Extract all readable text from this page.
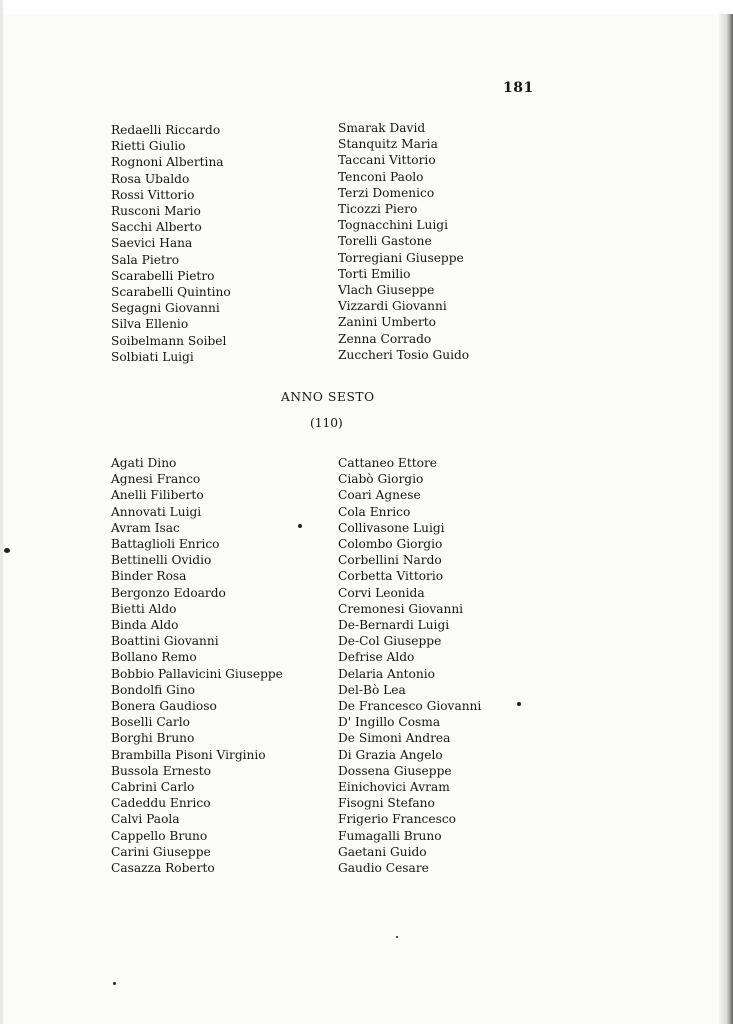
181
Redaelli Riccardo
Rietti Giulio
Rognoni Albertina
Rosa Ubaldo
Rossi Vittorio
Rusconi Mario
Sacchi Alberto
Saevici Hana
Sala Pietro
Scarabelli Pietro
Scarabelli Quintino
Segagni Giovanni
Silva Ellenio
Soibelmann Soibel
Solbiati Luigi
Smarak David
Stanquitz Maria
Taccani Vittorio
Tenconi Paolo
Terzi Domenico
Ticozzi Piero
Tognacchini Luigi
Torelli Gastone
Torregiani Giuseppe
Torti Emilio
Vlach Giuseppe
Vizzardi Giovanni
Zanini Umberto
Zenna Corrado
Zuccheri Tosio Guido
ANNO SESTO
(110)
Agati Dino
Agnesi Franco
Anelli Filiberto
Annovati Luigi
Avram Isac
Battaglioli Enrico
Bettinelli Ovidio
Binder Rosa
Bergonzo Edoardo
Bietti Aldo
Binda Aldo
Boattini Giovanni
Bollano Remo
Bobbio Pallavicini Giuseppe
Bondolfi Gino
Bonera Gaudioso
Boselli Carlo
Borghi Bruno
Brambilla Pisoni Virginio
Bussola Ernesto
Cabrini Carlo
Cadeddu Enrico
Calvi Paola
Cappello Bruno
Carini Giuseppe
Casazza Roberto
Cattaneo Ettore
Ciabò Giorgio
Coari Agnese
Cola Enrico
Collivasone Luigi
Colombo Giorgio
Corbellini Nardo
Corbetta Vittorio
Corvi Leonida
Cremonesi Giovanni
De-Bernardi Luigi
De-Col Giuseppe
Defrise Aldo
Delaria Antonio
Del-Bò Lea
De Francesco Giovanni
D' Ingillo Cosma
De Simoni Andrea
Di Grazia Angelo
Dossena Giuseppe
Einichovici Avram
Fisogni Stefano
Frigerio Francesco
Fumagalli Bruno
Gaetani Guido
Gaudio Cesare
